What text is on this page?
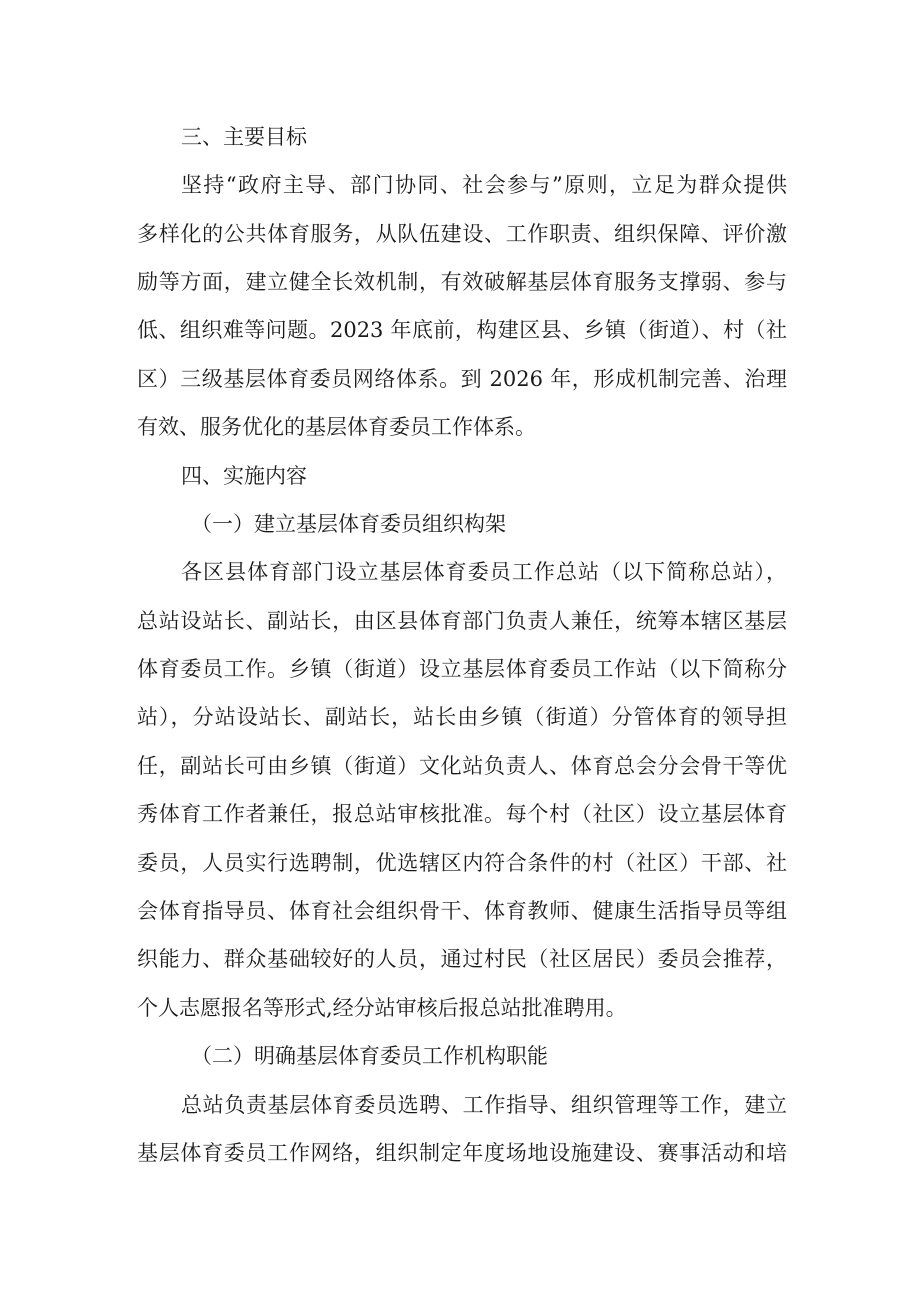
三、主要目标
坚持“政府主导、部门协同、社会参与”原则，立足为群众提供
多样化的公共体育服务，从队伍建设、工作职责、组织保障、评价激
励等方面，建立健全长效机制，有效破解基层体育服务支撑弱、参与
低、组织难等问题。2023 年底前，构建区县、乡镇（街道）、村（社
区）三级基层体育委员网络体系。到 2026 年，形成机制完善、治理
有效、服务优化的基层体育委员工作体系。
四、实施内容
（一）建立基层体育委员组织构架
各区县体育部门设立基层体育委员工作总站（以下简称总站），
总站设站长、副站长，由区县体育部门负责人兼任，统筹本辖区基层
体育委员工作。乡镇（街道）设立基层体育委员工作站（以下简称分
站），分站设站长、副站长，站长由乡镇（街道）分管体育的领导担
任，副站长可由乡镇（街道）文化站负责人、体育总会分会骨干等优
秀体育工作者兼任，报总站审核批准。每个村（社区）设立基层体育
委员，人员实行选聘制，优选辖区内符合条件的村（社区）干部、社
会体育指导员、体育社会组织骨干、体育教师、健康生活指导员等组
织能力、群众基础较好的人员，通过村民（社区居民）委员会推荐，
个人志愿报名等形式,经分站审核后报总站批准聘用。
（二）明确基层体育委员工作机构职能
总站负责基层体育委员选聘、工作指导、组织管理等工作，建立
基层体育委员工作网络，组织制定年度场地设施建设、赛事活动和培
